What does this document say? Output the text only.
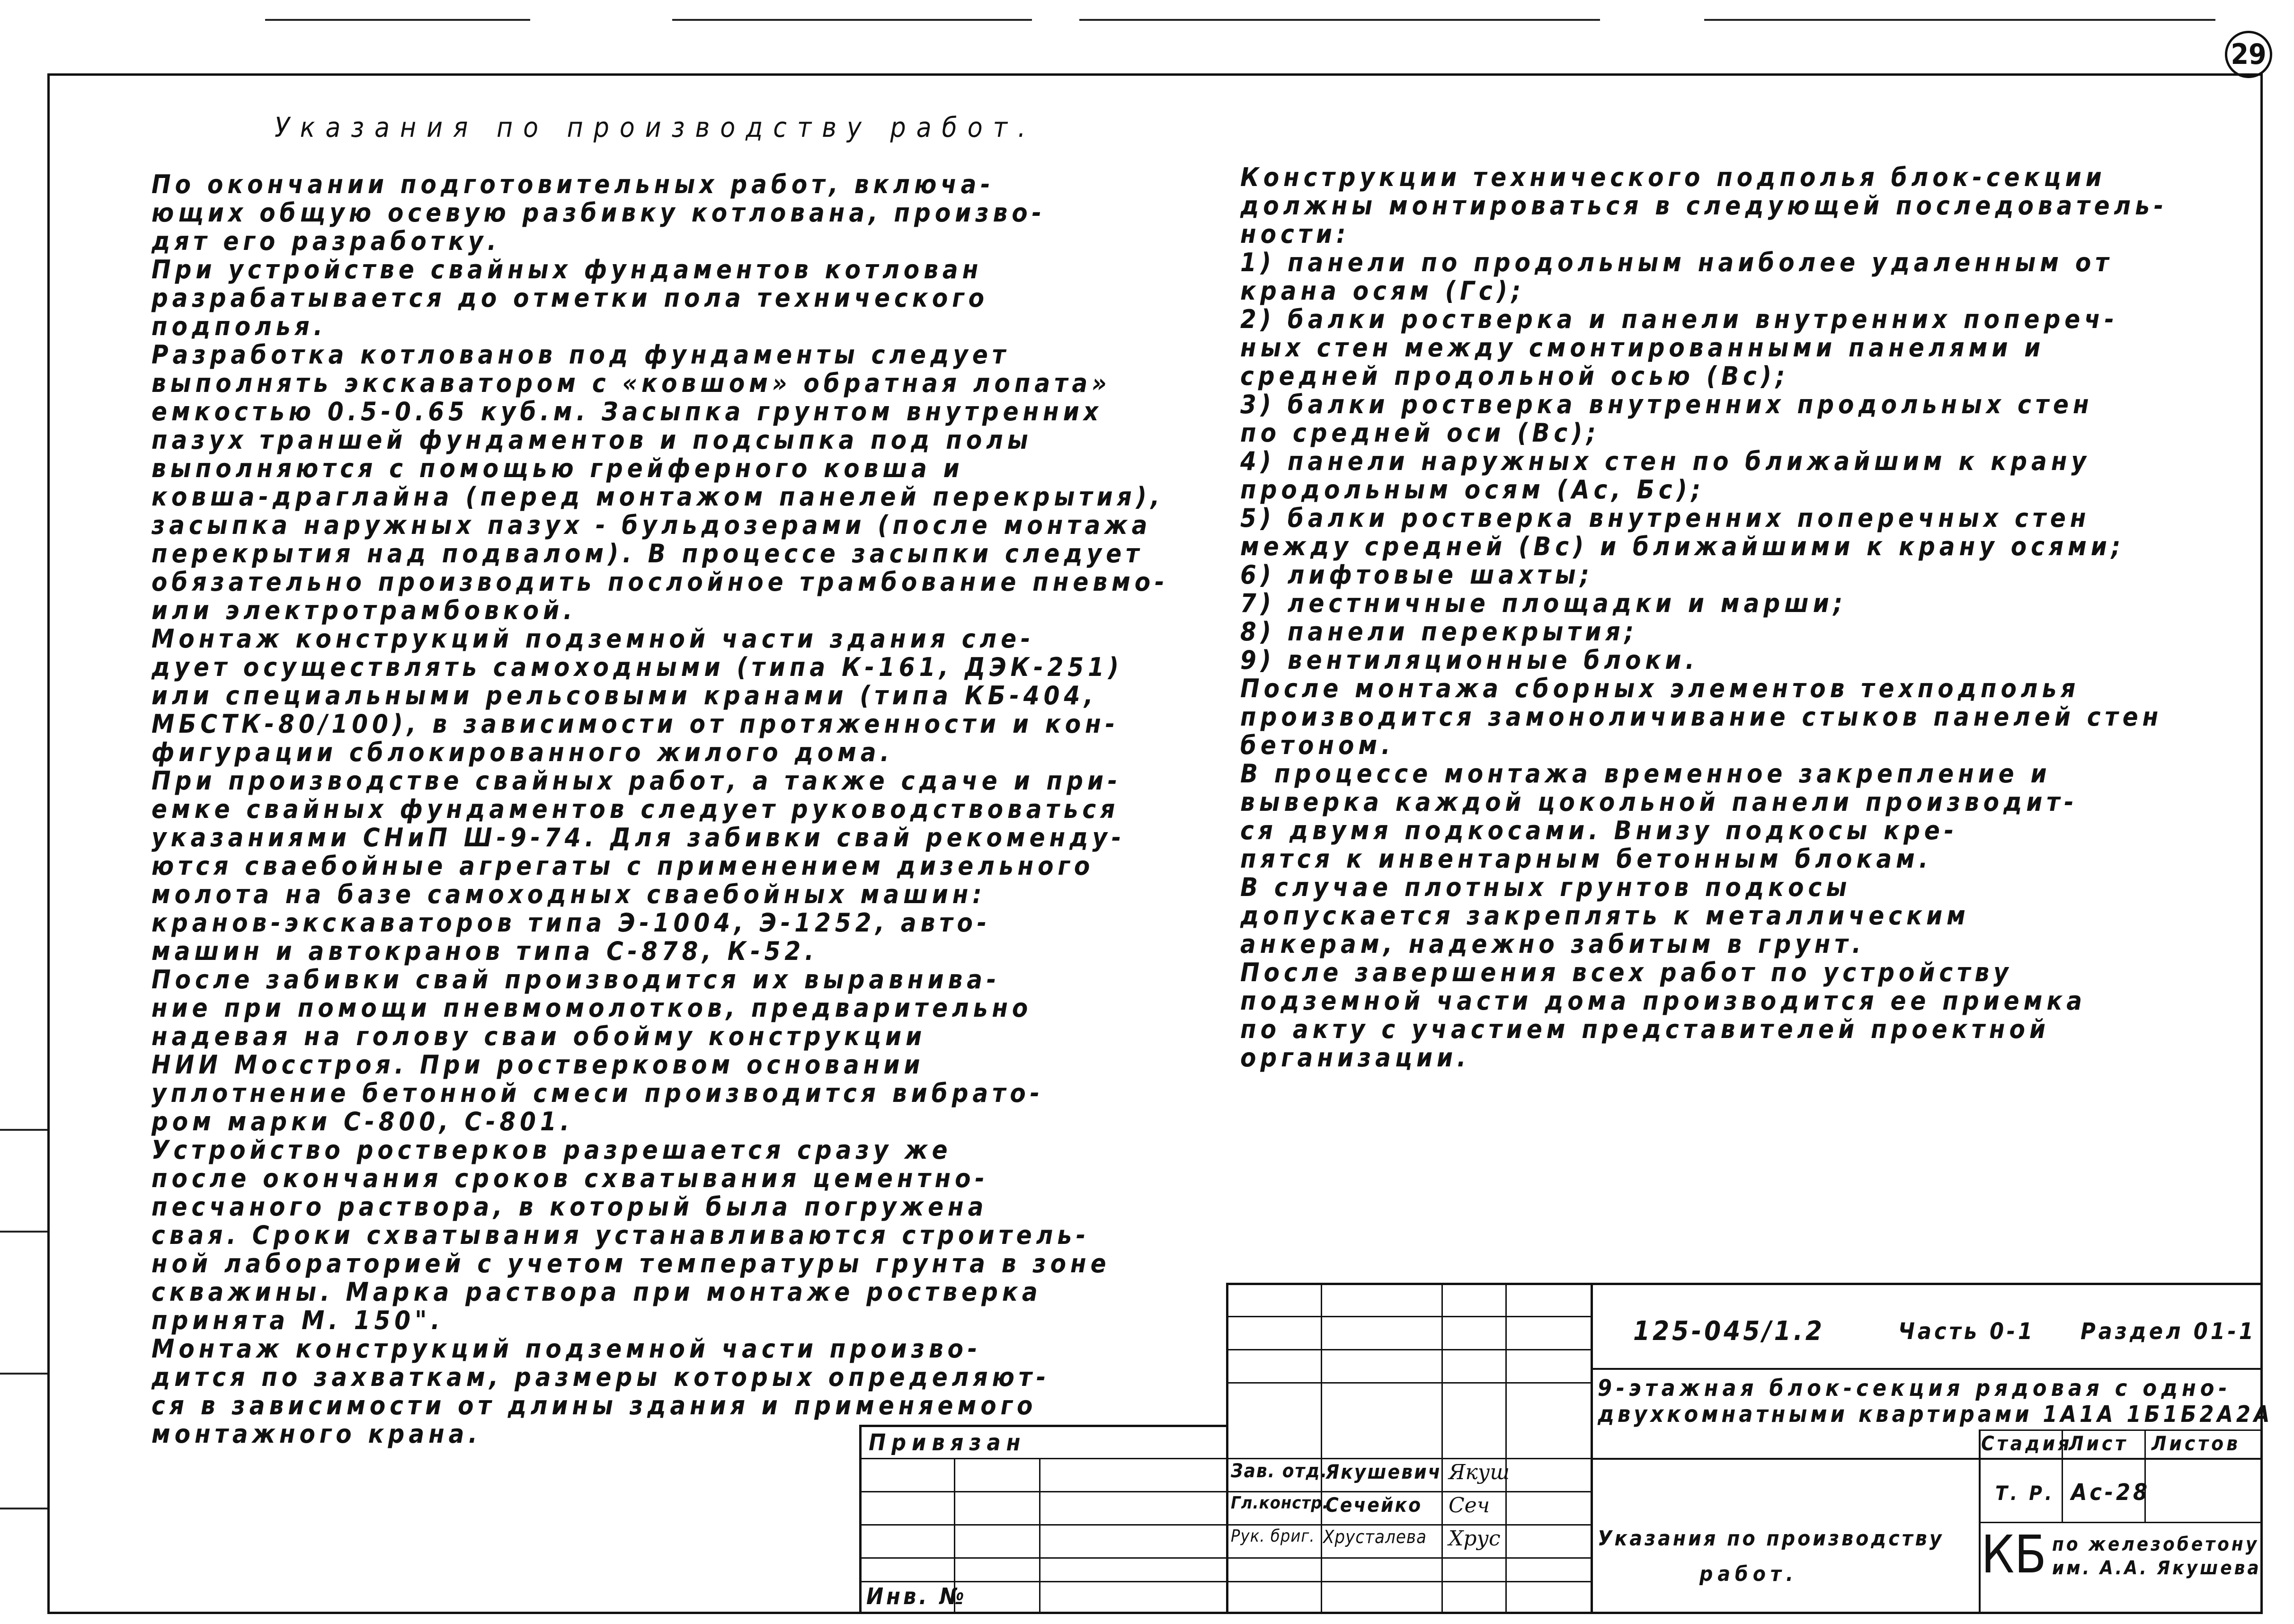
29
Указания по производству работ.
По окончании подготовительных работ, включа-
ющих общую осевую разбивку котлована, произво-
дят его разработку.
При устройстве свайных фундаментов котлован
разрабатывается до отметки пола технического подполья.
Разработка котлованов под фундаменты следует
выполнять экскаватором с «ковшом» обратная лопата»
емкостью 0.5-0.65 куб.м. Засыпка грунтом внутренних
пазух траншей фундаментов и подсыпка под полы
выполняются с помощью грейферного ковша и
ковша-драглайна (перед монтажом панелей перекрытия),
засыпка наружных пазух - бульдозерами (после монтажа
перекрытия над подвалом). В процессе засыпки следует
обязательно производить послойное трамбование пневмо-
или электротрамбовкой.
Монтаж конструкций подземной части здания сле-
дует осуществлять самоходными (типа К-161, ДЭК-251)
или специальными рельсовыми кранами (типа КБ-404,
МБСТК-80/100), в зависимости от протяженности и кон-
фигурации сблокированного жилого дома.
При производстве свайных работ, а также сдаче и при-
емке свайных фундаментов следует руководствоваться
указаниями СНиП Ш-9-74. Для забивки свай рекоменду-
ются сваебойные агрегаты с применением дизельного
молота на базе самоходных сваебойных машин:
кранов-экскаваторов типа Э-1004, Э-1252, авто-
машин и автокранов типа С-878, К-52.
После забивки свай производится их выравнива-
ние при помощи пневмомолотков, предварительно
надевая на голову сваи обойму конструкции
НИИ Мосстроя. При ростверковом основании
уплотнение бетонной смеси производится вибрато-
ром марки С-800, С-801.
Устройство ростверков разрешается сразу же
после окончания сроков схватывания цементно-
песчаного раствора, в который была погружена
свая. Сроки схватывания устанавливаются строитель-
ной лабораторией с учетом температуры грунта в зоне
скважины. Марка раствора при монтаже ростверка
принята М. 150".
Монтаж конструкций подземной части произво-
дится по захваткам, размеры которых определяют-
ся в зависимости от длины здания и применяемого
монтажного крана.
Конструкции технического подполья блок-секции
должны монтироваться в следующей последователь-
ности:
1) панели по продольным наиболее удаленным от
крана осям (Гс);
2) балки ростверка и панели внутренних попереч-
ных стен между смонтированными панелями и
средней продольной осью (Вс);
3) балки ростверка внутренних продольных стен
по средней оси (Вс);
4) панели наружных стен по ближайшим к крану
продольным осям (Ас, Бс);
5) балки ростверка внутренних поперечных стен
между средней (Вс) и ближайшими к крану осями;
6) лифтовые шахты;
7) лестничные площадки и марши;
8) панели перекрытия;
9) вентиляционные блоки.
После монтажа сборных элементов техподполья
производится замоноличивание стыков панелей стен
бетоном.
В процессе монтажа временное закрепление и
выверка каждой цокольной панели производит-
ся двумя подкосами. Внизу подкосы кре-
пятся к инвентарным бетонным блокам.
В случае плотных грунтов подкосы
допускается закреплять к металлическим
анкерам, надежно забитым в грунт.
После завершения всех работ по устройству
подземной части дома производится ее приемка
по акту с участием представителей проектной
организации.
125-045/1.2	Часть 0-1 Раздел 01-1
9-этажная блок-секция рядовая с одно-
двухкомнатными квартирами 1А1А 1Б1Б2А2А
Привязан
Инв. №
Зав. отд.
Якушевич Якуш
Гл.констр.
Сечейко Сеч
Рук. бриг. Хрусталева Хрус
Стадия
Лист Листов
Т. Р. Ас-28
Указания по производству
работ.	КБ по железобетону
им. А.А. Якушева
